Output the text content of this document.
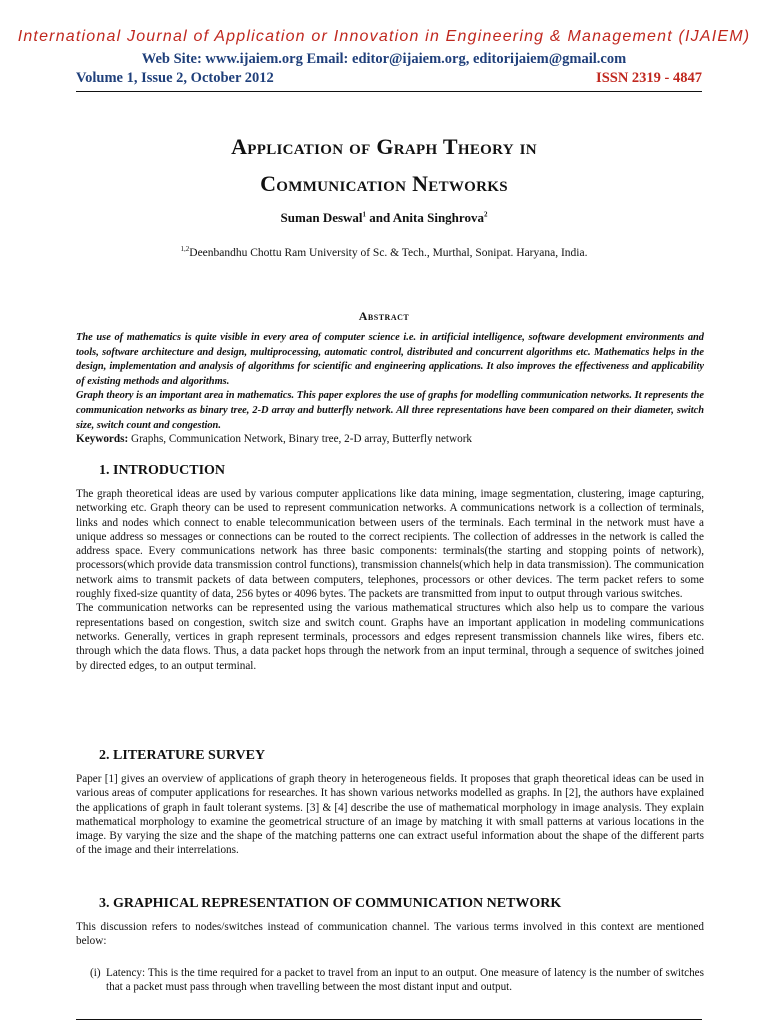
International Journal of Application or Innovation in Engineering & Management (IJAIEM)
Web Site: www.ijaiem.org Email: editor@ijaiem.org, editorijaiem@gmail.com
Volume 1, Issue 2, October 2012	ISSN 2319 - 4847
Application of Graph Theory in
Communication Networks
Suman Deswal$^1$ and Anita Singhrova$^2$
$^{1,2}$Deenbandhu Chottu Ram University of Sc. & Tech., Murthal, Sonipat. Haryana, India.
Abstract

The use of mathematics is quite visible in every area of computer science i.e. in artificial intelligence, software development environments and tools, software architecture and design, multiprocessing, automatic control, distributed and concurrent algorithms etc. Mathematics helps in the design, implementation and analysis of algorithms for scientific and engineering applications. It also improves the effectiveness and applicability of existing methods and algorithms.

Graph theory is an important area in mathematics. This paper explores the use of graphs for modelling communication networks. It represents the communication networks as binary tree, 2-D array and butterfly network. All three representations have been compared on their diameter, switch size, switch count and congestion.

Keywords: Graphs, Communication Network, Binary tree, 2-D array, Butterfly network
1. INTRODUCTION

The graph theoretical ideas are used by various computer applications like data mining, image segmentation, clustering, image capturing, networking etc. Graph theory can be used to represent communication networks. A communications network is a collection of terminals, links and nodes which connect to enable telecommunication between users of the terminals. Each terminal in the network must have a unique address so messages or connections can be routed to the correct recipients. The collection of addresses in the network is called the address space. Every communications network has three basic components: terminals(the starting and stopping points of network), processors(which provide data transmission control functions), transmission channels(which help in data transmission). The communication network aims to transmit packets of data between computers, telephones, processors or other devices. The term packet refers to some roughly fixed-size quantity of data, 256 bytes or 4096 bytes. The packets are transmitted from input to output through various switches.

The communication networks can be represented using the various mathematical structures which also help us to compare the various representations based on congestion, switch size and switch count. Graphs have an important application in modeling communications networks. Generally, vertices in graph represent terminals, processors and edges represent transmission channels like wires, fibers etc. through which the data flows. Thus, a data packet hops through the network from an input terminal, through a sequence of switches joined by directed edges, to an output terminal.

2. LITERATURE SURVEY

Paper [1] gives an overview of applications of graph theory in heterogeneous fields. It proposes that graph theoretical ideas can be used in various areas of computer applications for researches. It has shown various networks modelled as graphs. In [2], the authors have explained the applications of graph in fault tolerant systems. [3] & [4] describe the use of mathematical morphology in image analysis. They explain mathematical morphology to examine the geometrical structure of an image by matching it with small patterns at various locations in the image. By varying the size and the shape of the matching patterns one can extract useful information about the shape of the different parts of the image and their interrelations.

3. GRAPHICAL REPRESENTATION OF COMMUNICATION NETWORK

This discussion refers to nodes/switches instead of communication channel. The various terms involved in this context are mentioned below:

(i) Latency: This is the time required for a packet to travel from an input to an output. One measure of latency is the number of switches that a packet must pass through when travelling between the most distant input and output.
